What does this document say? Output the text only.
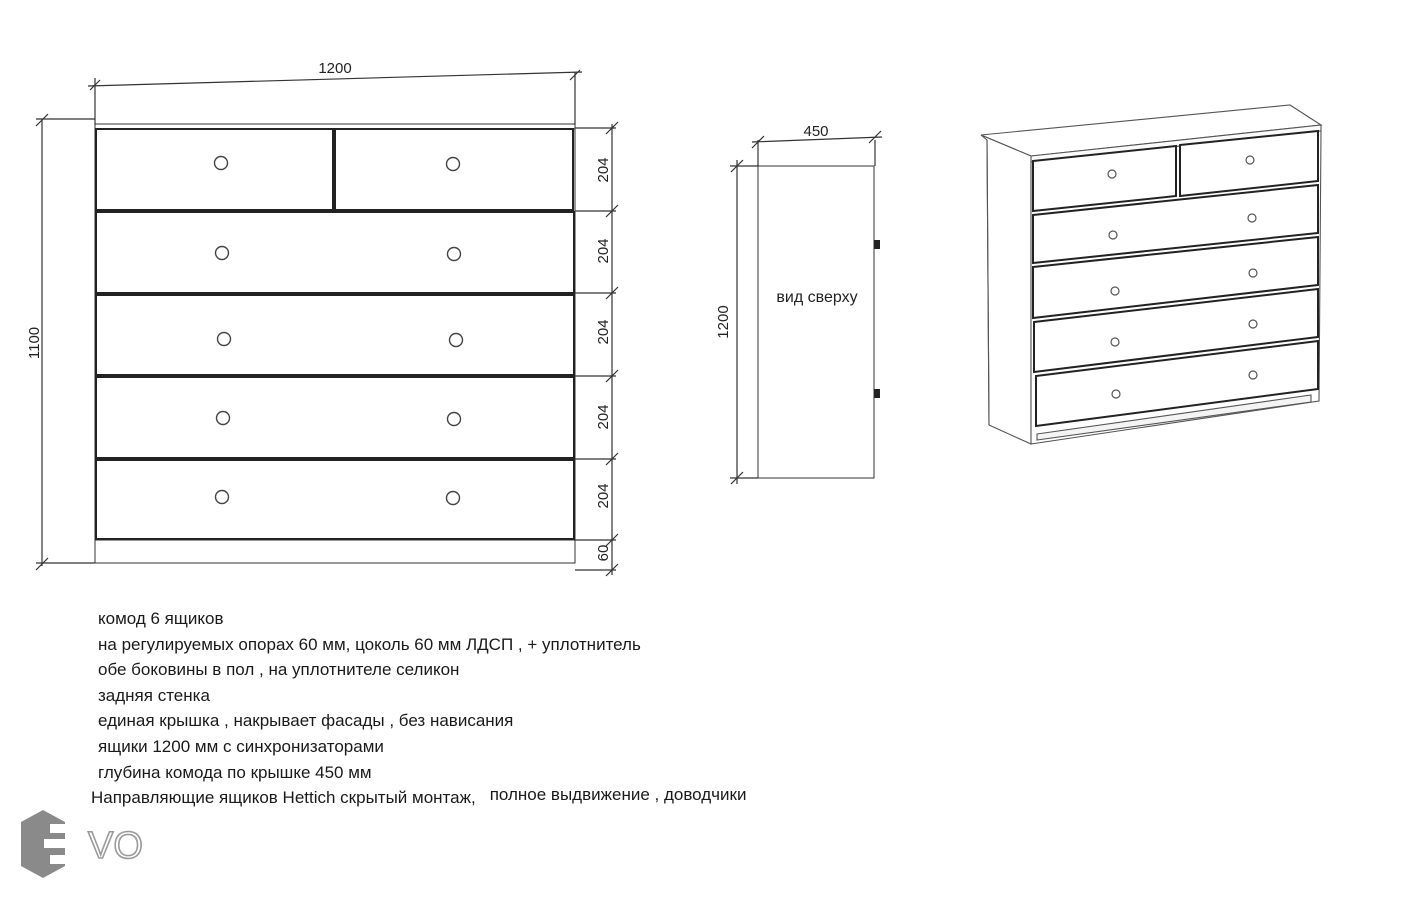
1200
1100
204
204
204
204
204
60
450
1200
вид сверху
комод 6 ящиков
на регулируемых опорах 60 мм, цоколь 60 мм ЛДСП , + уплотнитель
обе боковины в пол , на уплотнителе селикон
задняя стенка
единая крышка , накрывает фасады , без нависания
ящики 1200 мм с синхронизаторами
глубина комода по крышке 450 мм
Направляющие ящиков Hettich скрытый монтаж, полное выдвижение , доводчики
VO
